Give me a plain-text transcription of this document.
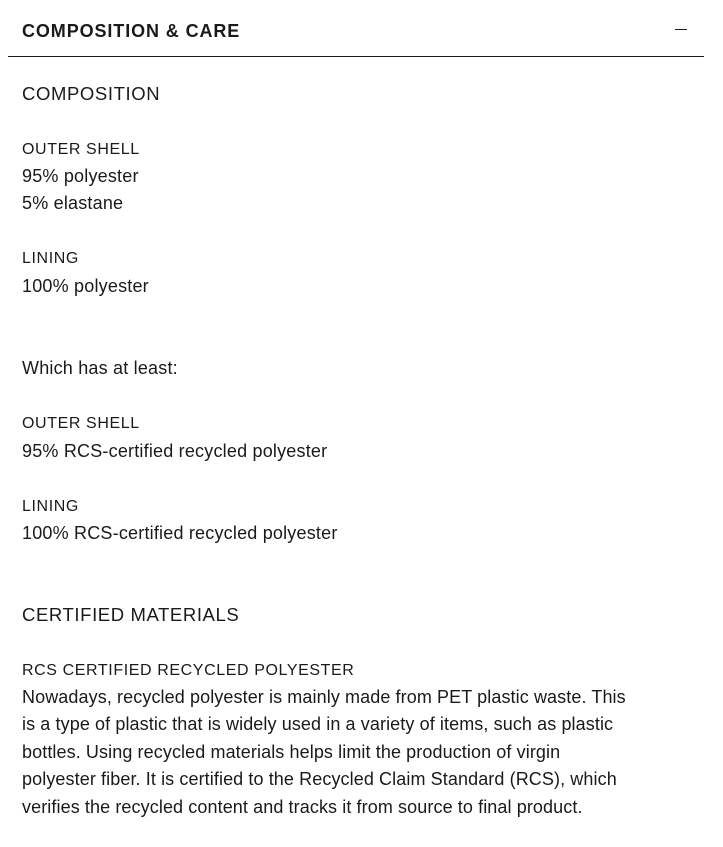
COMPOSITION & CARE
COMPOSITION
OUTER SHELL
95% polyester
5% elastane
LINING
100% polyester
Which has at least:
OUTER SHELL
95% RCS-certified recycled polyester
LINING
100% RCS-certified recycled polyester
CERTIFIED MATERIALS
RCS CERTIFIED RECYCLED POLYESTER
Nowadays, recycled polyester is mainly made from PET plastic waste. This
is a type of plastic that is widely used in a variety of items, such as plastic
bottles. Using recycled materials helps limit the production of virgin
polyester fiber. It is certified to the Recycled Claim Standard (RCS), which
verifies the recycled content and tracks it from source to final product.
